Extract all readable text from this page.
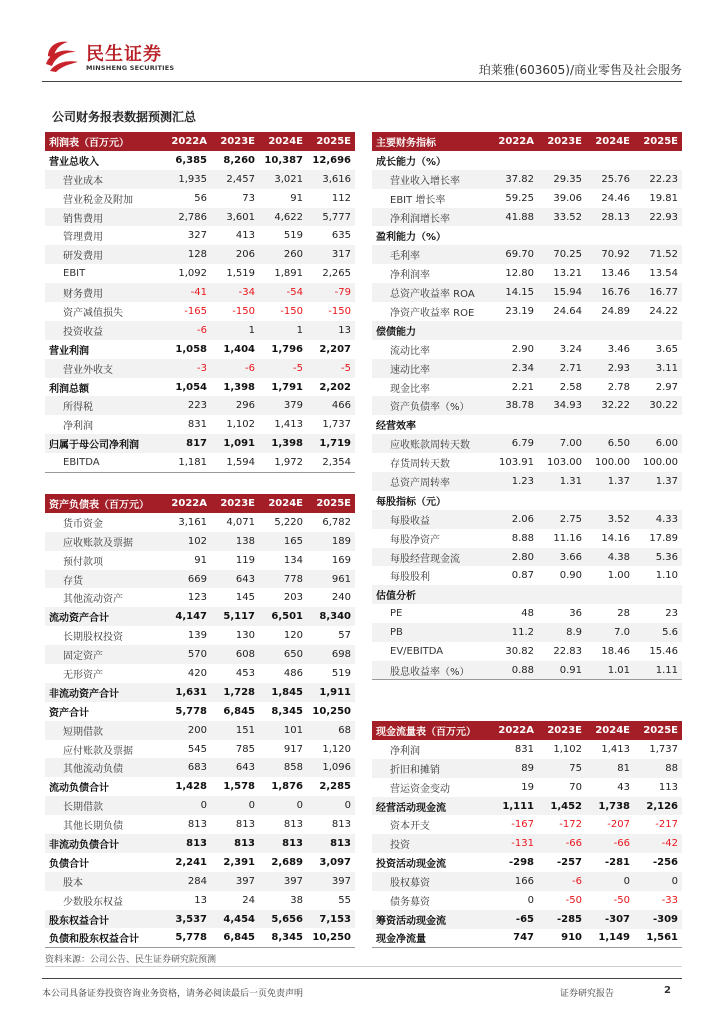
民生证券
MINSHENG SECURITIES	珀莱雅(603605)/商业零售及社会服务
公司财务报表数据预测汇总
利润表（百万元）	2022A	2023E	2024E	2025E
营业总收入	6,385	8,260	10,387	12,696
营业成本	1,935	2,457	3,021	3,616
营业税金及附加	56	73	91	112
销售费用	2,786	3,601	4,622	5,777
管理费用	327	413	519	635
研发费用	128	206	260	317
EBIT	1,092	1,519	1,891	2,265
财务费用	-41	-34	-54	-79
资产减值损失	-165	-150	-150	-150
投资收益	-6	1	1	13
营业利润	1,058	1,404	1,796	2,207
营业外收支	-3	-6	-5	-5
利润总额	1,054	1,398	1,791	2,202
所得税	223	296	379	466
净利润	831	1,102	1,413	1,737
归属于母公司净利润	817	1,091	1,398	1,719
EBITDA	1,181	1,594	1,972	2,354
资产负债表（百万元）	2022A	2023E	2024E	2025E
货币资金	3,161	4,071	5,220	6,782
应收账款及票据	102	138	165	189
预付款项	91	119	134	169
存货	669	643	778	961
其他流动资产	123	145	203	240
流动资产合计	4,147	5,117	6,501	8,340
长期股权投资	139	130	120	57
固定资产	570	608	650	698
无形资产	420	453	486	519
非流动资产合计	1,631	1,728	1,845	1,911
资产合计	5,778	6,845	8,345	10,250
短期借款	200	151	101	68
应付账款及票据	545	785	917	1,120
其他流动负债	683	643	858	1,096
流动负债合计	1,428	1,578	1,876	2,285
长期借款	0	0	0	0
其他长期负债	813	813	813	813
非流动负债合计	813	813	813	813
负债合计	2,241	2,391	2,689	3,097
股本	284	397	397	397
少数股东权益	13	24	38	55
股东权益合计	3,537	4,454	5,656	7,153
负债和股东权益合计	5,778	6,845	8,345	10,250
主要财务指标	2022A	2023E	2024E	2025E
成长能力（%）				
营业收入增长率	37.82	29.35	25.76	22.23
EBIT 增长率	59.25	39.06	24.46	19.81
净利润增长率	41.88	33.52	28.13	22.93
盈利能力（%）				
毛利率	69.70	70.25	70.92	71.52
净利润率	12.80	13.21	13.46	13.54
总资产收益率 ROA	14.15	15.94	16.76	16.77
净资产收益率 ROE	23.19	24.64	24.89	24.22
偿债能力				
流动比率	2.90	3.24	3.46	3.65
速动比率	2.34	2.71	2.93	3.11
现金比率	2.21	2.58	2.78	2.97
资产负债率（%）	38.78	34.93	32.22	30.22
经营效率				
应收账款周转天数	6.79	7.00	6.50	6.00
存货周转天数	103.91	103.00	100.00	100.00
总资产周转率	1.23	1.31	1.37	1.37
每股指标（元）				
每股收益	2.06	2.75	3.52	4.33
每股净资产	8.88	11.16	14.16	17.89
每股经营现金流	2.80	3.66	4.38	5.36
每股股利	0.87	0.90	1.00	1.10
估值分析				
PE	48	36	28	23
PB	11.2	8.9	7.0	5.6
EV/EBITDA	30.82	22.83	18.46	15.46
股息收益率（%）	0.88	0.91	1.01	1.11
现金流量表（百万元）	2022A	2023E	2024E	2025E
净利润	831	1,102	1,413	1,737
折旧和摊销	89	75	81	88
营运资金变动	19	70	43	113
经营活动现金流	1,111	1,452	1,738	2,126
资本开支	-167	-172	-207	-217
投资	-131	-66	-66	-42
投资活动现金流	-298	-257	-281	-256
股权募资	166	-6	0	0
债务募资	0	-50	-50	-33
筹资活动现金流	-65	-285	-307	-309
现金净流量	747	910	1,149	1,561
资料来源：公司公告、民生证券研究院预测
本公司具备证券投资咨询业务资格，请务必阅读最后一页免责声明	证券研究报告	2
